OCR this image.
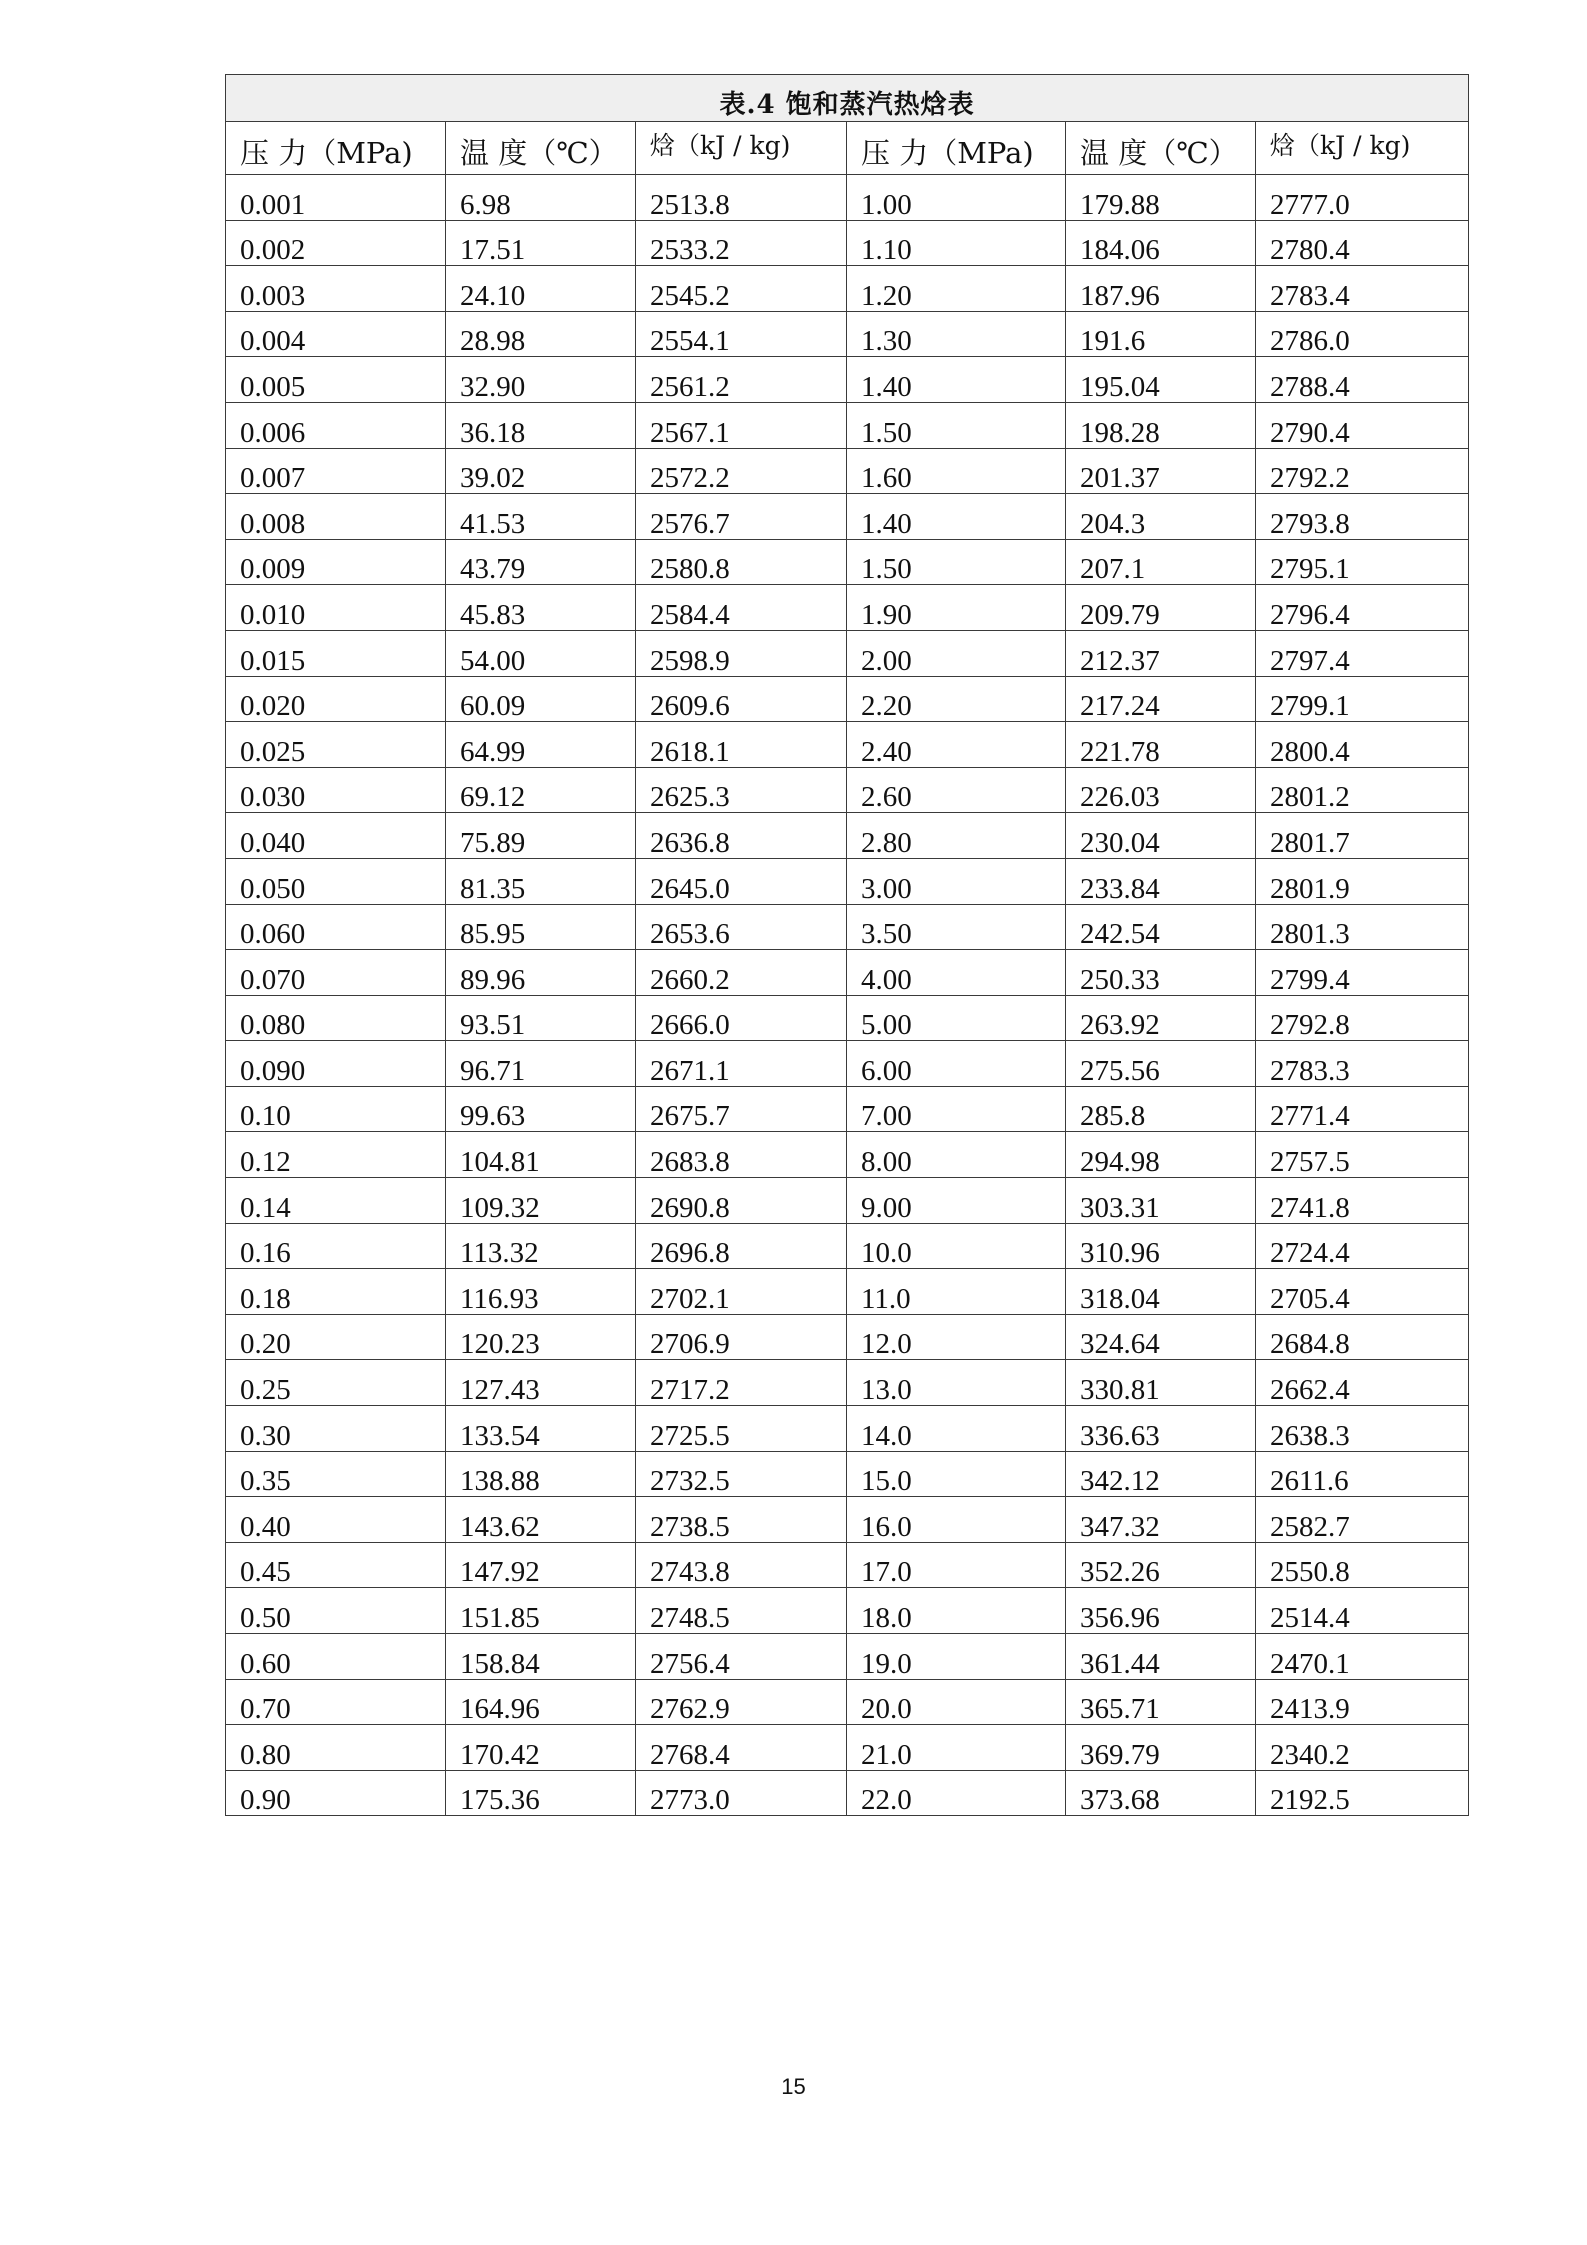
表.4 饱和蒸汽热焓表					
压 力（MPa)	温 度（℃）	焓（kJ / kg)	压 力（MPa)	温 度（℃）	焓（kJ / kg)
0.001	6.98	2513.8	1.00	179.88	2777.0
0.002	17.51	2533.2	1.10	184.06	2780.4
0.003	24.10	2545.2	1.20	187.96	2783.4
0.004	28.98	2554.1	1.30	191.6	2786.0
0.005	32.90	2561.2	1.40	195.04	2788.4
0.006	36.18	2567.1	1.50	198.28	2790.4
0.007	39.02	2572.2	1.60	201.37	2792.2
0.008	41.53	2576.7	1.40	204.3	2793.8
0.009	43.79	2580.8	1.50	207.1	2795.1
0.010	45.83	2584.4	1.90	209.79	2796.4
0.015	54.00	2598.9	2.00	212.37	2797.4
0.020	60.09	2609.6	2.20	217.24	2799.1
0.025	64.99	2618.1	2.40	221.78	2800.4
0.030	69.12	2625.3	2.60	226.03	2801.2
0.040	75.89	2636.8	2.80	230.04	2801.7
0.050	81.35	2645.0	3.00	233.84	2801.9
0.060	85.95	2653.6	3.50	242.54	2801.3
0.070	89.96	2660.2	4.00	250.33	2799.4
0.080	93.51	2666.0	5.00	263.92	2792.8
0.090	96.71	2671.1	6.00	275.56	2783.3
0.10	99.63	2675.7	7.00	285.8	2771.4
0.12	104.81	2683.8	8.00	294.98	2757.5
0.14	109.32	2690.8	9.00	303.31	2741.8
0.16	113.32	2696.8	10.0	310.96	2724.4
0.18	116.93	2702.1	11.0	318.04	2705.4
0.20	120.23	2706.9	12.0	324.64	2684.8
0.25	127.43	2717.2	13.0	330.81	2662.4
0.30	133.54	2725.5	14.0	336.63	2638.3
0.35	138.88	2732.5	15.0	342.12	2611.6
0.40	143.62	2738.5	16.0	347.32	2582.7
0.45	147.92	2743.8	17.0	352.26	2550.8
0.50	151.85	2748.5	18.0	356.96	2514.4
0.60	158.84	2756.4	19.0	361.44	2470.1
0.70	164.96	2762.9	20.0	365.71	2413.9
0.80	170.42	2768.4	21.0	369.79	2340.2
0.90	175.36	2773.0	22.0	373.68	2192.5
15
